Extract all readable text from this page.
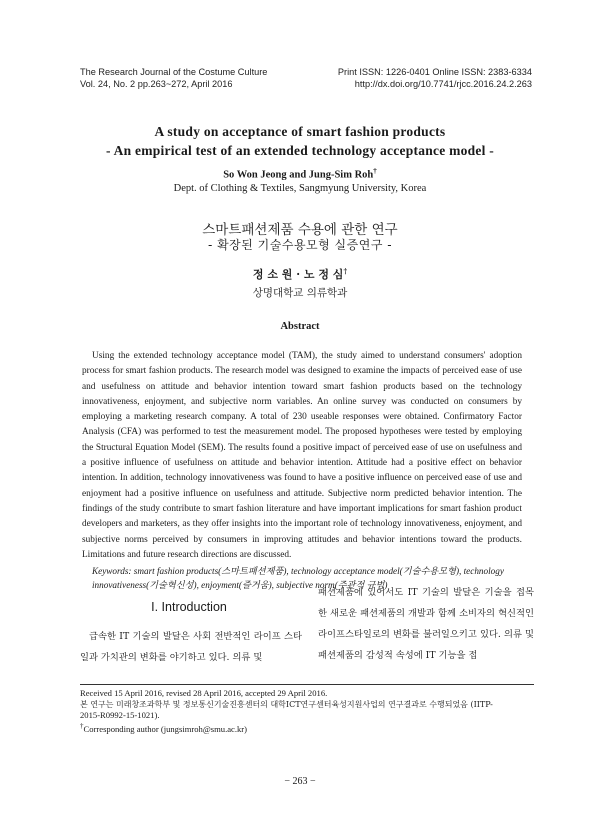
The Research Journal of the Costume Culture
Vol. 24, No. 2 pp.263~272, April 2016
Print ISSN: 1226-0401 Online ISSN: 2383-6334
http://dx.doi.org/10.7741/rjcc.2016.24.2.263
A study on acceptance of smart fashion products
- An empirical test of an extended technology acceptance model -
So Won Jeong and Jung-Sim Roh†
Dept. of Clothing & Textiles, Sangmyung University, Korea
스마트패션제품 수용에 관한 연구
- 확장된 기술수용모형 실증연구 -
정 소 원 · 노 정 심†
상명대학교 의류학과
Abstract
Using the extended technology acceptance model (TAM), the study aimed to understand consumers' adoption process for smart fashion products. The research model was designed to examine the impacts of perceived ease of use and usefulness on attitude and behavior intention toward smart fashion products based on the technology innovativeness, enjoyment, and subjective norm variables. An online survey was conducted on consumers by employing a marketing research company. A total of 230 useable responses were obtained. Confirmatory Factor Analysis (CFA) was performed to test the measurement model. The proposed hypotheses were tested by employing the Structural Equation Model (SEM). The results found a positive impact of perceived ease of use on usefulness and a positive influence of usefulness on attitude and behavior intention. Attitude had a positive effect on behavior intention. In addition, technology innovativeness was found to have a positive influence on perceived ease of use and enjoyment had a positive influence on usefulness and attitude. Subjective norm predicted behavior intention. The findings of the study contribute to smart fashion literature and have important implications for smart fashion product developers and marketers, as they offer insights into the important role of technology innovativeness, enjoyment, and subjective norms perceived by consumers in improving attitudes and behavior intentions toward the products. Limitations and future research directions are discussed.
Keywords: smart fashion products(스마트패션제품), technology acceptance model(기술수용모형), technology innovativeness(기술혁신성), enjoyment(즐거움), subjective norm(주관적 규범)
I. Introduction
급속한 IT 기술의 발달은 사회 전반적인 라이프 스타일과 가치관의 변화를 야기하고 있다. 의류 및
패션제품에 있어서도 IT 기술의 발달은 기술을 접목한 새로운 패션제품의 개발과 함께 소비자의 혁신적인 라이프스타일로의 변화를 불러일으키고 있다. 의류 및 패션제품의 감성적 속성에 IT 기능을 접
Received 15 April 2016, revised 28 April 2016, accepted 29 April 2016.
본 연구는 미래창조과학부 및 정보통신기술진흥센터의 대학ICT연구센터육성지원사업의 연구결과로 수행되었음 (IITP-
2015-R0992-15-1021).
†Corresponding author (jungsimroh@smu.ac.kr)
− 263 −
